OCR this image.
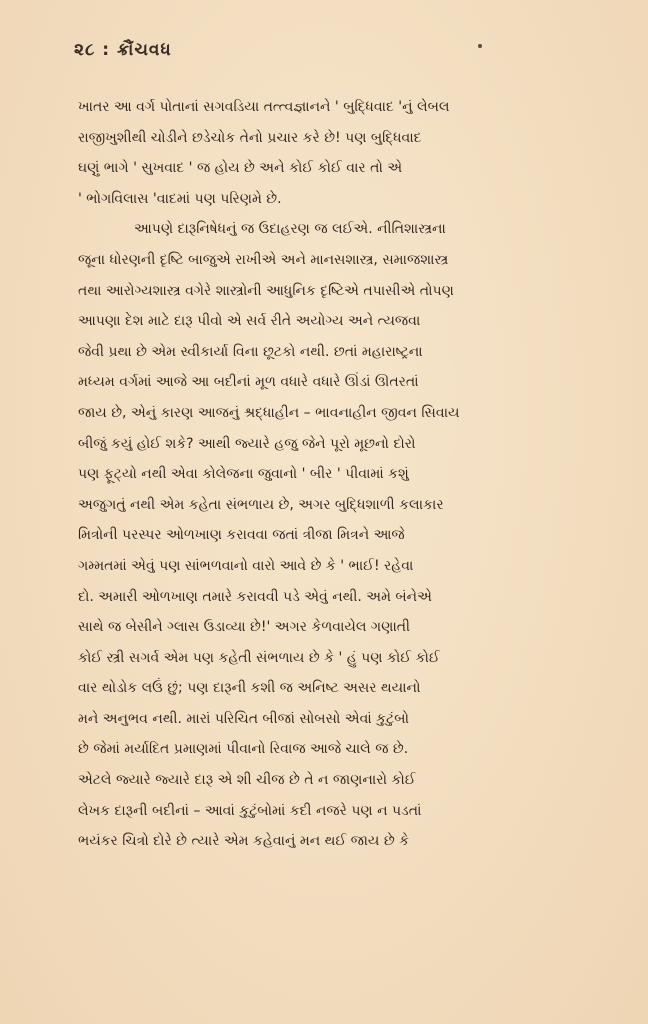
૨૮ : ક્રૌંચવધ

ખાતર આ વર્ગ પોતાનાં સગવડિયા તત્ત્વજ્ઞાનને ' બુદ્ધિવાદ 'નું લેબલ
રાજીખુશીથી ચોડીને છડેચોક તેનો પ્રચાર કરે છે! પણ બુદ્ધિવાદ
ઘણું ભાગે ' સુખવાદ ' જ હોય છે અને કોઈ કોઈ વાર તો એ
' ભોગવિલાસ 'વાદમાં પણ પરિણમે છે.

આપણે દારૂનિષેધનું જ ઉદાહરણ જ લઈએ. નીતિશાસ્ત્રના
જૂના ધોરણની દૃષ્ટિ બાજુએ રાખીએ અને માનસશાસ્ત્ર, સમાજશાસ્ત્ર
તથા આરોગ્યશાસ્ત્ર વગેરે શાસ્ત્રોની આધુનિક દૃષ્ટિએ તપાસીએ તોપણ
આપણા દેશ માટે દારૂ પીવો એ સર્વ રીતે અયોગ્ય અને ત્યજવા
જેવી પ્રથા છે એમ સ્વીકાર્યા વિના છૂટકો નથી. છતાં મહારાષ્ટ્રના
મધ્યમ વર્ગમાં આજે આ બદીનાં મૂળ વધારે વધારે ઊંડાં ઊતરતાં
જાય છે, એનું કારણ આજનું શ્રદ્ધાહીન – ભાવનાહીન જીવન સિવાય
બીજું કયું હોઈ શકે? આથી જ્યારે હજુ જેને પૂરો મૂછનો દોરો
પણ ફૂટ્યો નથી એવા કોલેજના જુવાનો ' બીર ' પીવામાં કશું
અજુગતું નથી એમ કહેતા સંભળાય છે, અગર બુદ્ધિશાળી કલાકાર
મિત્રોની પરસ્પર ઓળખાણ કરાવવા જતાં ત્રીજા મિત્રને આજે
ગમ્મતમાં એવું પણ સાંભળવાનો વારો આવે છે કે ' ભાઈ! રહેવા
દો. અમારી ઓળખાણ તમારે કરાવવી પડે એવું નથી. અમે બંનેએ
સાથે જ બેસીને ગ્લાસ ઉડાવ્યા છે!' અગર કેળવાયેલ ગણાતી
કોઈ સ્ત્રી સગર્વ એમ પણ કહેતી સંભળાય છે કે ' હું પણ કોઈ કોઈ
વાર થોડોક લઉં છું; પણ દારૂની કશી જ અનિષ્ટ અસર થયાનો
મને અનુભવ નથી. મારાં પરિચિત બીજાં સોબસો એવાં કુટુંબો
છે જેમાં મર્યાદિત પ્રમાણમાં પીવાનો રિવાજ આજે ચાલે જ છે.
એટલે જ્યારે જ્યારે દારૂ એ શી ચીજ છે તે ન જાણનારો કોઈ
લેખક દારૂની બદીનાં – આવાં કુટુંબોમાં કદી નજરે પણ ન પડતાં
ભયંકર ચિત્રો દોરે છે ત્યારે એમ કહેવાનું મન થઈ જાય છે કે
